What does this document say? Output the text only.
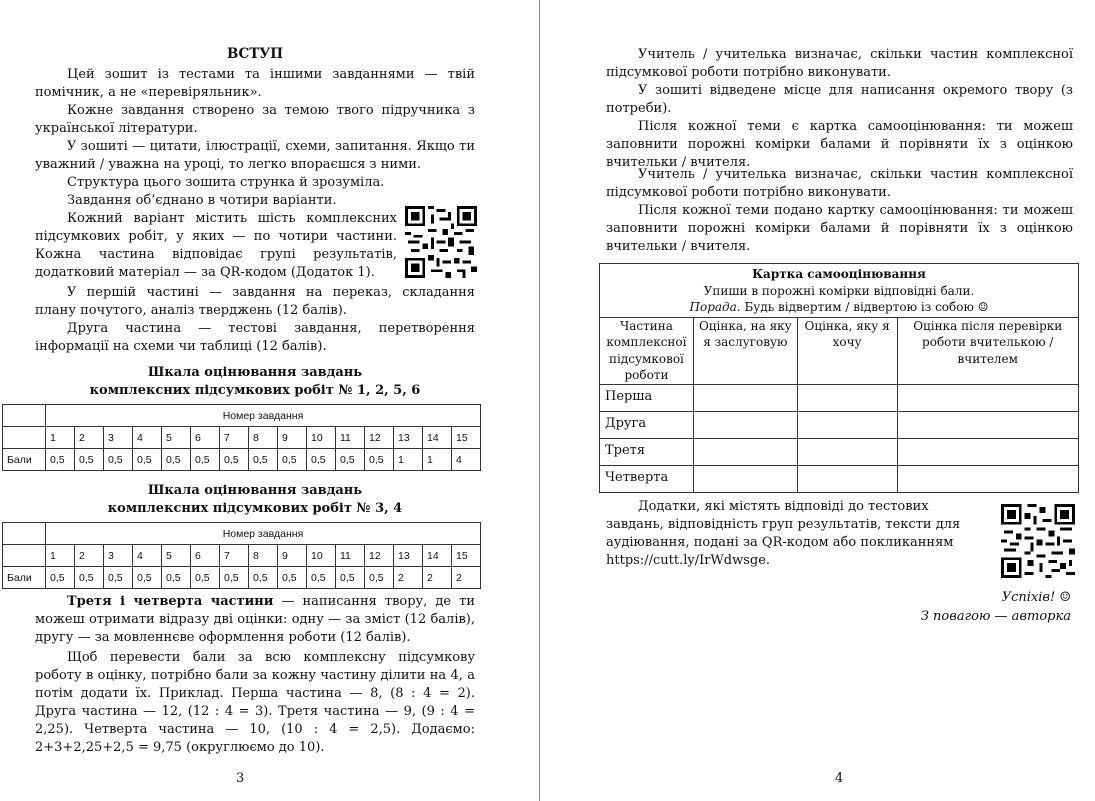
ВСТУП
Цей зошит із тестами та іншими завданнями — твій помічник, а не «перевіряльник».
Кожне завдання створено за темою твого підручника з української літератури.
У зошиті — цитати, ілюстрації, схеми, запитання. Якщо ти уважний / уважна на уроці, то легко впораєшся з ними.
Структура цього зошита струнка й зрозуміла.
Завдання об’єднано в чотири варіанти.
Кожний варіант містить шість комплексних підсумкових робіт, у яких — по чотири частини. Кожна частина відповідає групі результатів, додатковий матеріал — за QR-кодом (Додаток 1).
У першій частині — завдання на переказ, складання плану почутого, аналіз тверджень (12 балів).
Друга частина — тестові завдання, перетворення інформації на схеми чи таблиці (12 балів).
Шкала оцінювання завдань
комплексних підсумкових робіт № 1, 2, 5, 6
	Номер завдання														
	1	2	3	4	5	6	7	8	9	10	11	12	13	14	15
Бали	0,5	0,5	0,5	0,5	0,5	0,5	0,5	0,5	0,5	0,5	0,5	0,5	1	1	4
Шкала оцінювання завдань
комплексних підсумкових робіт № 3, 4
	Номер завдання														
	1	2	3	4	5	6	7	8	9	10	11	12	13	14	15
Бали	0,5	0,5	0,5	0,5	0,5	0,5	0,5	0,5	0,5	0,5	0,5	0,5	2	2	2
Третя і четверта частини — написання твору, де ти можеш отримати відразу дві оцінки: одну — за зміст (12 балів), другу — за мовленнєве оформлення роботи (12 балів).
Щоб перевести бали за всю комплексну підсумкову роботу в оцінку, потрібно бали за кожну частину ділити на 4, а потім додати їх. Приклад. Перша частина — 8, (8 : 4 = 2). Друга частина — 12, (12 : 4 = 3). Третя частина — 9, (9 : 4 = 2,25). Четверта частина — 10, (10 : 4 = 2,5). Додаємо: 2+3+2,25+2,5 = 9,75 (округлюємо до 10).
3
Учитель / учителька визначає, скільки частин комплексної підсумкової роботи потрібно виконувати.
У зошиті відведене місце для написання окремого твору (з потреби).
Після кожної теми є картка самооцінювання: ти можеш заповнити порожні комірки балами й порівняти їх з оцінкою вчительки / вчителя.
Учитель / учителька визначає, скільки частин комплексної підсумкової роботи потрібно виконувати.
Після кожної теми подано картку самооцінювання: ти можеш заповнити порожні комірки балами й порівняти їх з оцінкою вчительки / вчителя.
Картка самооцінювання
Упиши в порожні комірки відповідні бали.
Порада. Будь відвертим / відвертою із собою ☺			

Частина комплексної підсумкової роботи	Оцінка, на яку я заслуговую	Оцінка, яку я хочу	Оцінка після перевірки роботи вчителькою / вчителем
Перша			
Друга			
Третя			
Четверта			
Додатки, які містять відповіді до тестових завдань, відповідність груп результатів, тексти для аудіювання, подані за QR-кодом або покликанням https://cutt.ly/IrWdwsge.
Успіхів! ☺
З повагою — авторка
4
